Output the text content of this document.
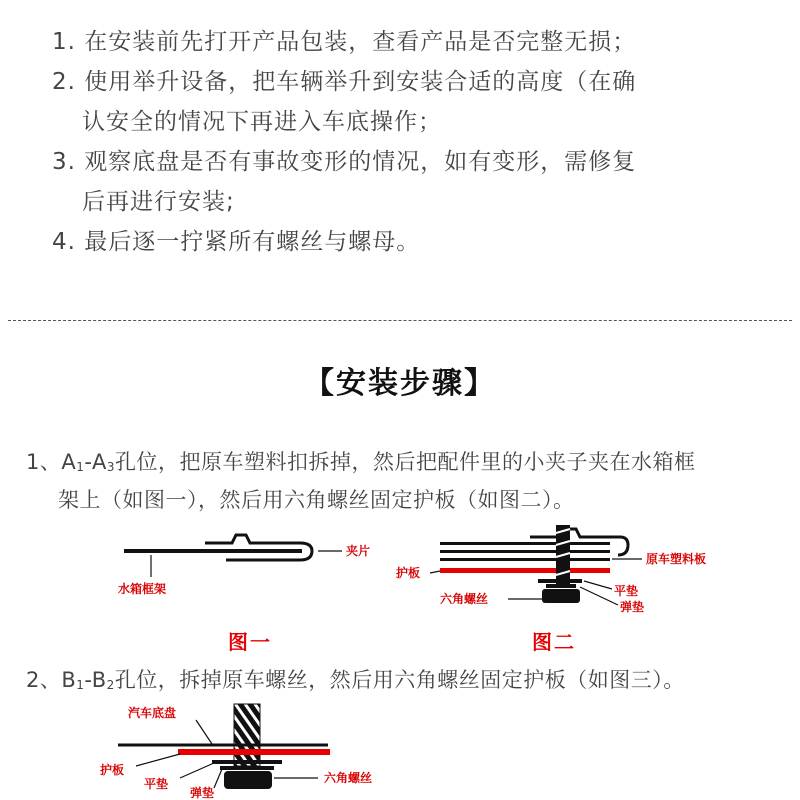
1. 在安装前先打开产品包装，查看产品是否完整无损；
2. 使用举升设备，把车辆举升到安装合适的高度（在确
认安全的情况下再进入车底操作；
3. 观察底盘是否有事故变形的情况，如有变形，需修复
后再进行安装;
4. 最后逐一拧紧所有螺丝与螺母。
【安装步骤】
1、$A_1-A_3$孔位，把原车塑料扣拆掉，然后把配件里的小夹子夹在水箱框
架上（如图一），然后用六角螺丝固定护板（如图二）。
夹片
水箱框架
护板
原车塑料板
平垫
弹垫
六角螺丝
图一	图二
2、$B_1-B_2$孔位，拆掉原车螺丝，然后用六角螺丝固定护板（如图三）。
汽车底盘
护板
平垫
弹垫
六角螺丝
